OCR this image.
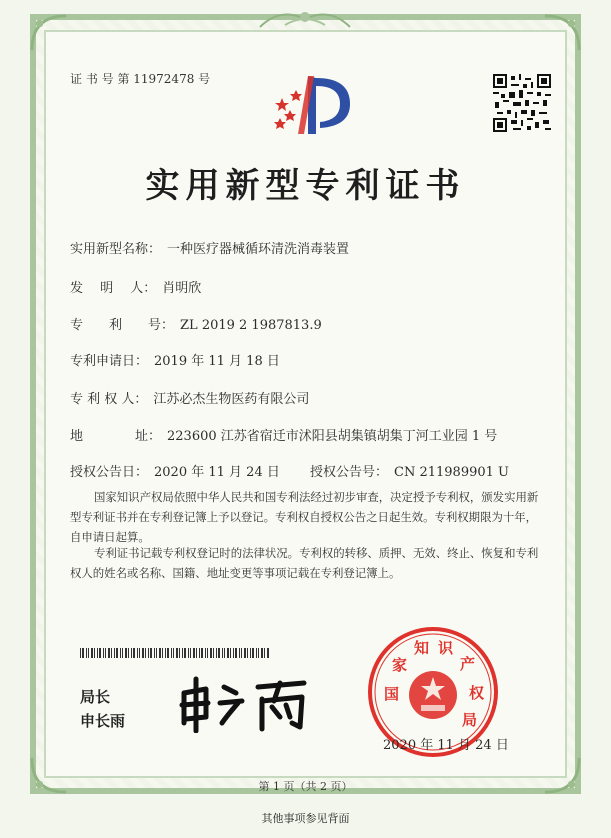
证 书 号 第 11972478 号
实用新型专利证书
实用新型名称： 一种医疗器械循环清洗消毒装置
发　 明　 人： 肖明欣
专　　利　　号： ZL 2019 2 1987813.9
专利申请日： 2019 年 11 月 18 日
专 利 权 人： 江苏必杰生物医药有限公司
地　　　　址： 223600 江苏省宿迁市沭阳县胡集镇胡集丁河工业园 1 号
授权公告日： 2020 年 11 月 24 日 授权公告号： CN 211989901 U
国家知识产权局依照中华人民共和国专利法经过初步审查，决定授予专利权，颁发实用新型专利证书并在专利登记簿上予以登记。专利权自授权公告之日起生效。专利权期限为十年，自申请日起算。
专利证书记载专利权登记时的法律状况。专利权的转移、质押、无效、终止、恢复和专利权人的姓名或名称、国籍、地址变更等事项记载在专利登记簿上。
局长
申长雨
国
家
知 识
产
权
局
2020 年 11 月 24 日
第 1 页（共 2 页）
其他事项参见背面
